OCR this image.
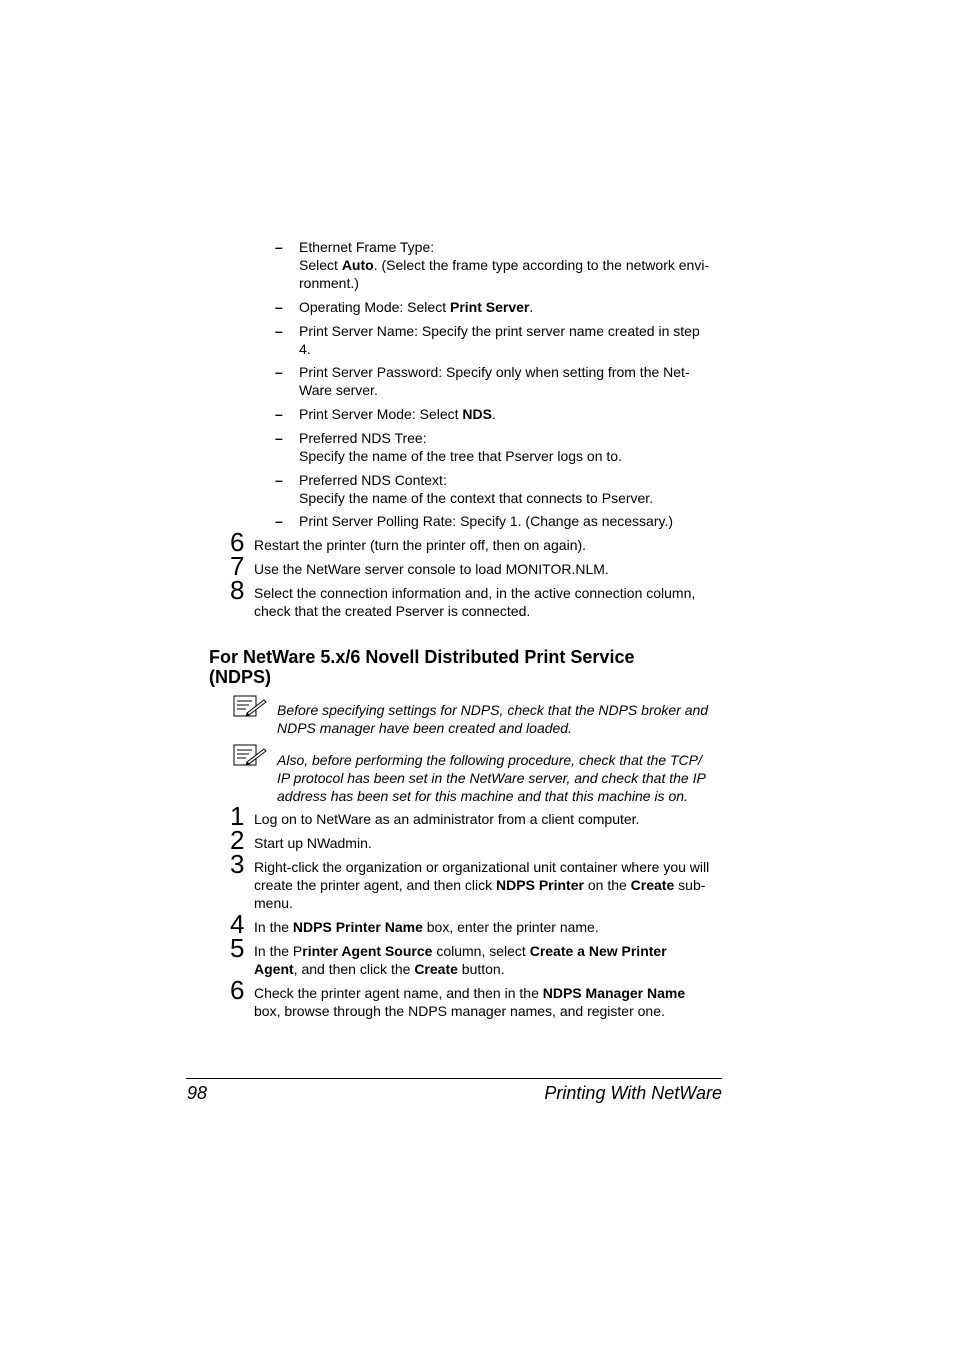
– Ethernet Frame Type:
Select Auto. (Select the frame type according to the network envi-
ronment.)
– Operating Mode: Select Print Server.
– Print Server Name: Specify the print server name created in step
4.
– Print Server Password: Specify only when setting from the Net-
Ware server.
– Print Server Mode: Select NDS.
– Preferred NDS Tree:
Specify the name of the tree that Pserver logs on to.
– Preferred NDS Context:
Specify the name of the context that connects to Pserver.
– Print Server Polling Rate: Specify 1. (Change as necessary.)
6 Restart the printer (turn the printer off, then on again).
7 Use the NetWare server console to load MONITOR.NLM.
8 Select the connection information and, in the active connection column,
check that the created Pserver is connected.
For NetWare 5.x/6 Novell Distributed Print Service
(NDPS)
Before specifying settings for NDPS, check that the NDPS broker and
NDPS manager have been created and loaded.
Also, before performing the following procedure, check that the TCP/
IP protocol has been set in the NetWare server, and check that the IP
address has been set for this machine and that this machine is on.
1 Log on to NetWare as an administrator from a client computer.
2 Start up NWadmin.
3 Right-click the organization or organizational unit container where you will
create the printer agent, and then click NDPS Printer on the Create sub-
menu.
4 In the NDPS Printer Name box, enter the printer name.
5 In the Printer Agent Source column, select Create a New Printer
Agent, and then click the Create button.
6 Check the printer agent name, and then in the NDPS Manager Name
box, browse through the NDPS manager names, and register one.
98	Printing With NetWare
